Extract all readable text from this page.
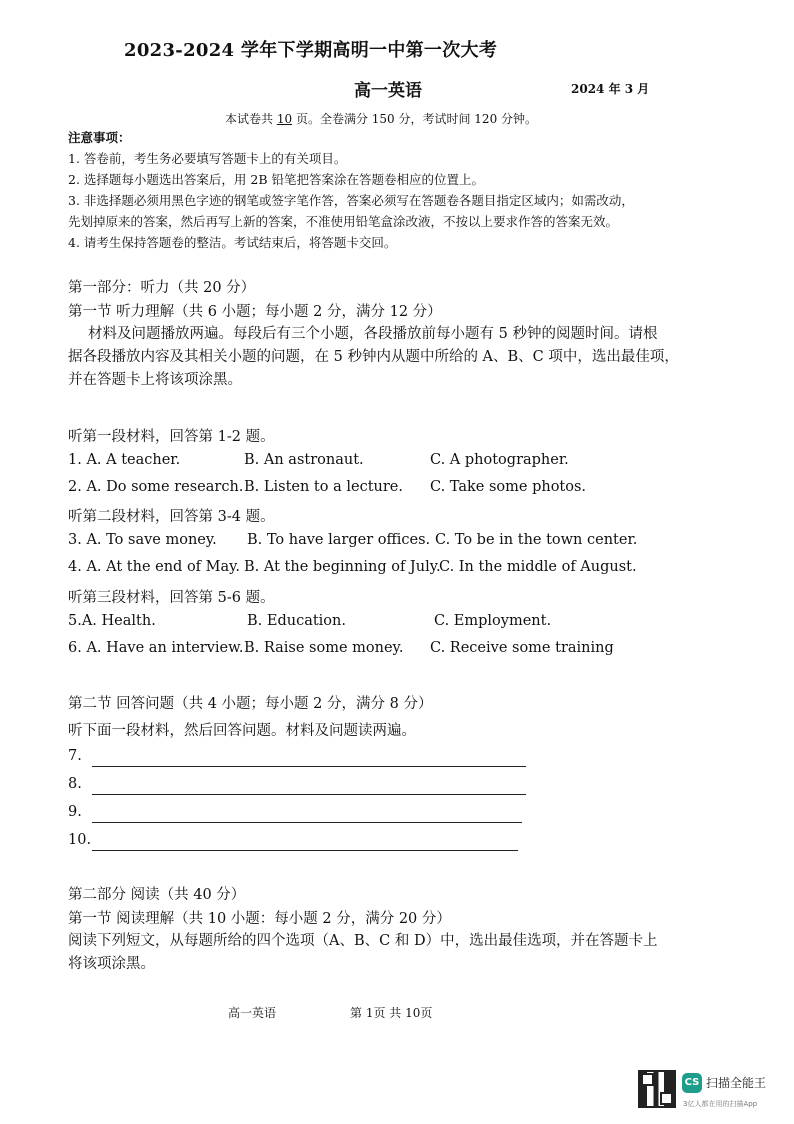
2023-2024 学年下学期高明一中第一次大考
高一英语	2024 年 3 月
本试卷共 10 页。全卷满分 150 分，考试时间 120 分钟。
注意事项：
1. 答卷前，考生务必要填写答题卡上的有关项目。
2. 选择题每小题选出答案后，用 2B 铅笔把答案涂在答题卷相应的位置上。
3. 非选择题必须用黑色字迹的钢笔或签字笔作答，答案必须写在答题卷各题目指定区域内；如需改动，
先划掉原来的答案，然后再写上新的答案，不准使用铅笔盒涂改液，不按以上要求作答的答案无效。
4. 请考生保持答题卷的整洁。考试结束后，将答题卡交回。
第一部分：听力（共 20 分）
第一节 听力理解（共 6 小题；每小题 2 分，满分 12 分）
材料及问题播放两遍。每段后有三个小题，各段播放前每小题有 5 秒钟的阅题时间。请根
据各段播放内容及其相关小题的问题，在 5 秒钟内从题中所给的 A、B、C 项中，选出最佳项，
并在答题卡上将该项涂黑。
听第一段材料，回答第 1-2 题。
1. A. A teacher.	B. An astronaut.	C. A photographer.
2. A. Do some research. B. Listen to a lecture. C. Take some photos.
听第二段材料，回答第 3-4 题。
3. A. To save money. B. To have larger offices. C. To be in the town center.
4. A. At the end of May. B. At the beginning of July.
C. In the middle of August.
听第三段材料，回答第 5-6 题。
5.A. Health.	B. Education.	C. Employment.
6. A. Have an interview. B. Raise some money. C. Receive some training
第二节 回答问题（共 4 小题；每小题 2 分，满分 8 分）
听下面一段材料，然后回答问题。材料及问题读两遍。
7.
8.
9.
10.
第二部分 阅读（共 40 分）
第一节 阅读理解（共 10 小题：每小题 2 分，满分 20 分）
阅读下列短文，从每题所给的四个选项（A、B、C 和 D）中，选出最佳选项，并在答题卡上
将该项涂黑。
高一英语	第 1页 共 10页
CS 扫描全能王
3亿人都在用的扫描App
